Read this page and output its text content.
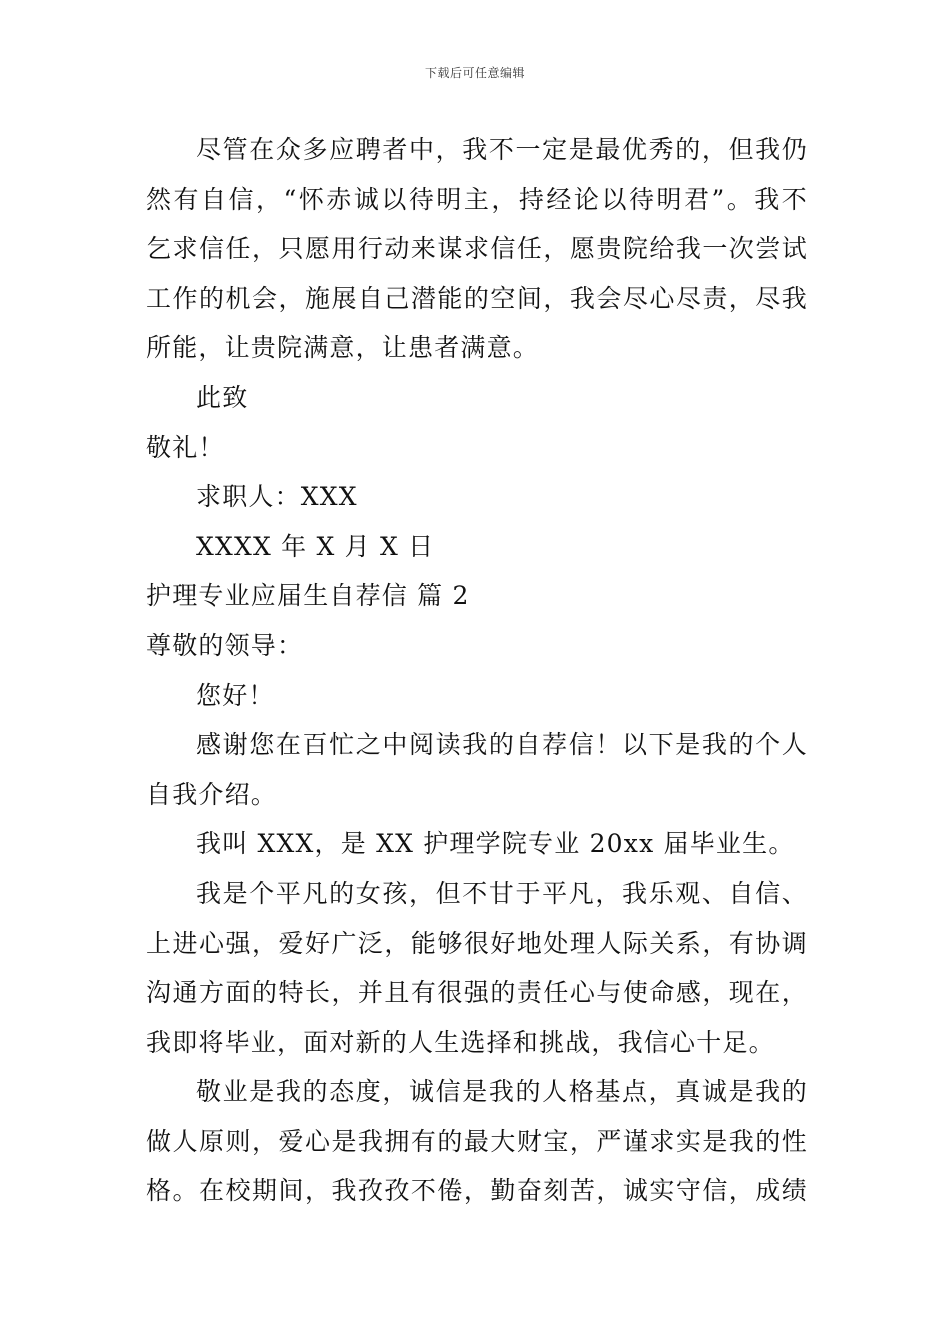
下载后可任意编辑
尽管在众多应聘者中，我不一定是最优秀的，但我仍
然有自信，“怀赤诚以待明主，持经论以待明君”。我不
乞求信任，只愿用行动来谋求信任，愿贵院给我一次尝试
工作的机会，施展自己潜能的空间，我会尽心尽责，尽我
所能，让贵院满意，让患者满意。
此致
敬礼！
求职人：XXX
XXXX 年 X 月 X 日
护理专业应届生自荐信 篇 2
尊敬的领导：
您好！
感谢您在百忙之中阅读我的自荐信！以下是我的个人
自我介绍。
我叫 XXX，是 XX 护理学院专业 20xx 届毕业生。
我是个平凡的女孩，但不甘于平凡，我乐观、自信、
上进心强，爱好广泛，能够很好地处理人际关系，有协调
沟通方面的特长，并且有很强的责任心与使命感，现在，
我即将毕业，面对新的人生选择和挑战，我信心十足。
敬业是我的态度，诚信是我的人格基点，真诚是我的
做人原则，爱心是我拥有的最大财宝，严谨求实是我的性
格。在校期间，我孜孜不倦，勤奋刻苦，诚实守信，成绩
